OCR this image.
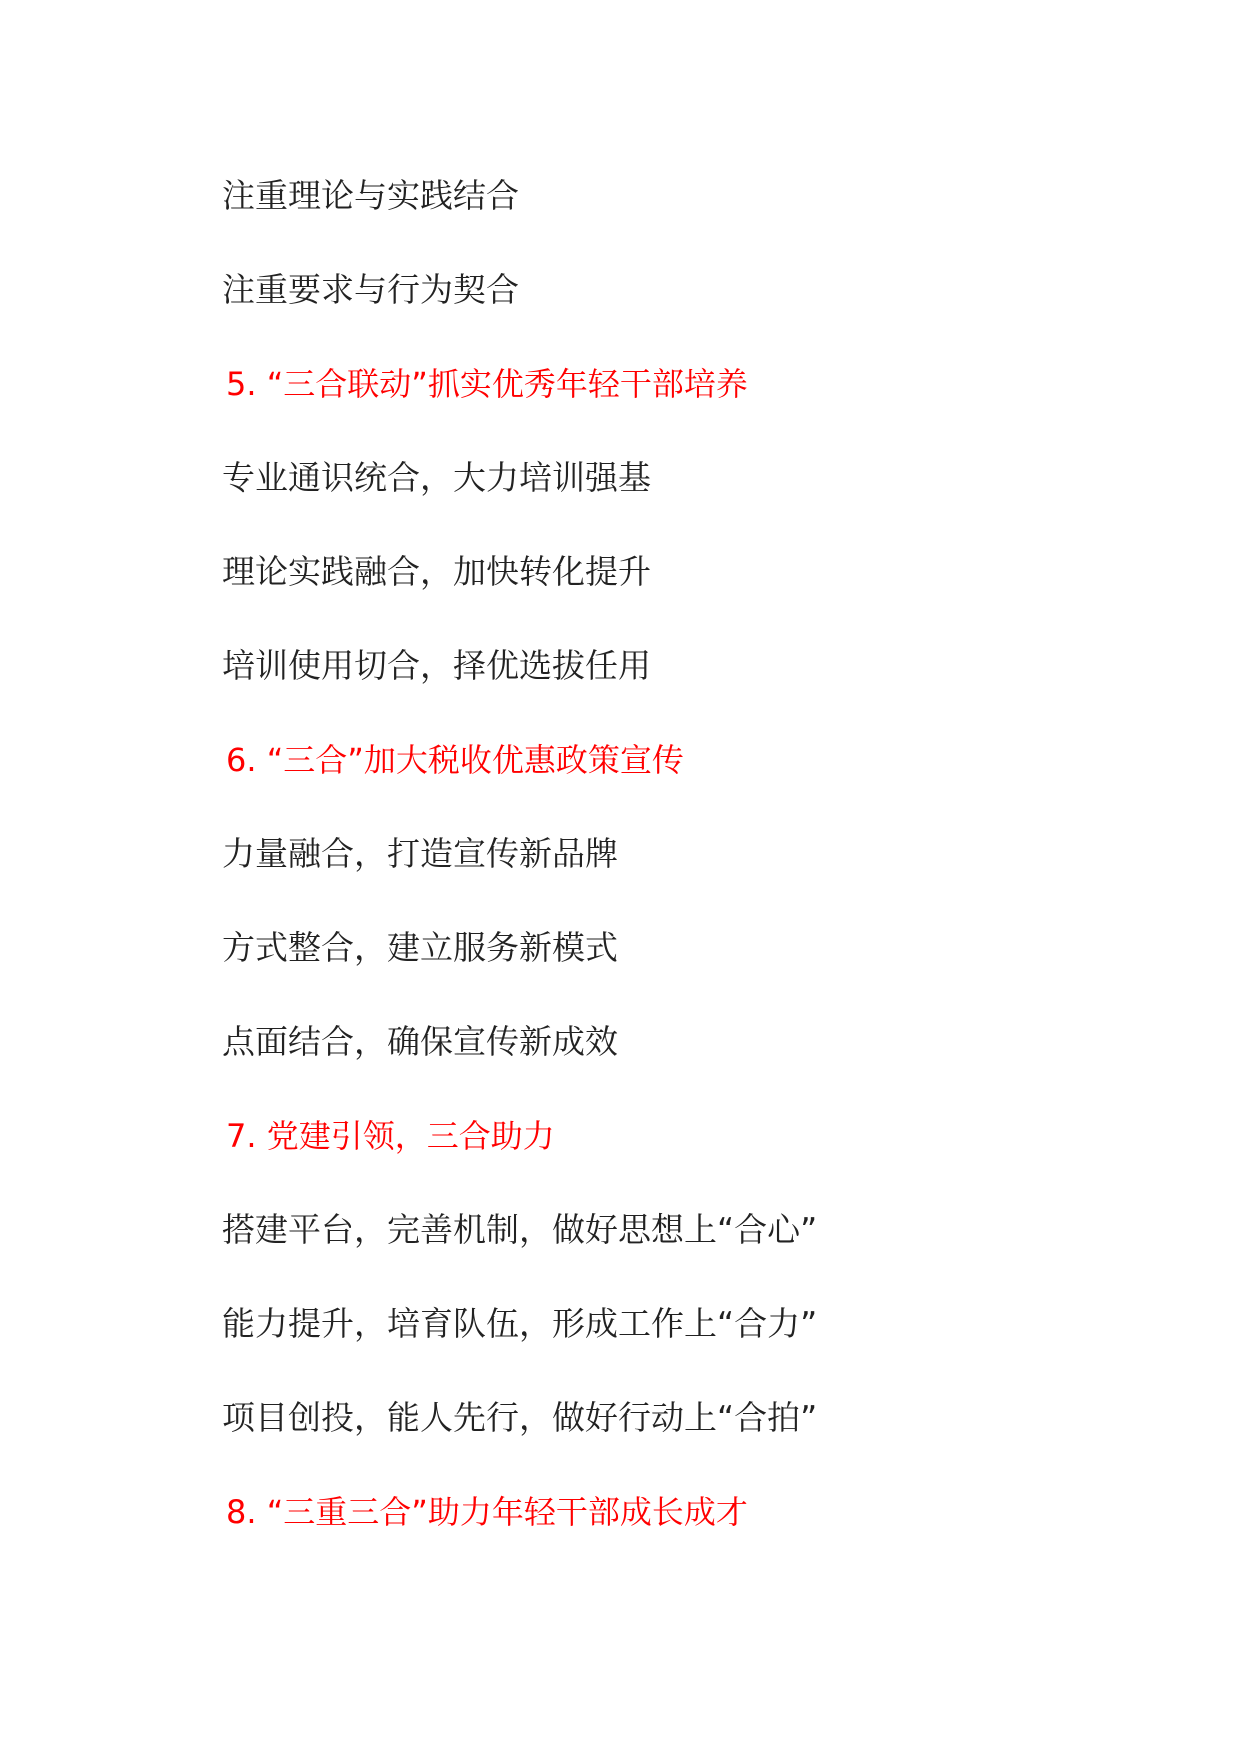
注重理论与实践结合
注重要求与行为契合
5. “三合联动”抓实优秀年轻干部培养
专业通识统合，大力培训强基
理论实践融合，加快转化提升
培训使用切合，择优选拔任用
6. “三合”加大税收优惠政策宣传
力量融合，打造宣传新品牌
方式整合，建立服务新模式
点面结合，确保宣传新成效
7. 党建引领，三合助力
搭建平台，完善机制，做好思想上“合心”
能力提升，培育队伍，形成工作上“合力”
项目创投，能人先行，做好行动上“合拍”
8. “三重三合”助力年轻干部成长成才
